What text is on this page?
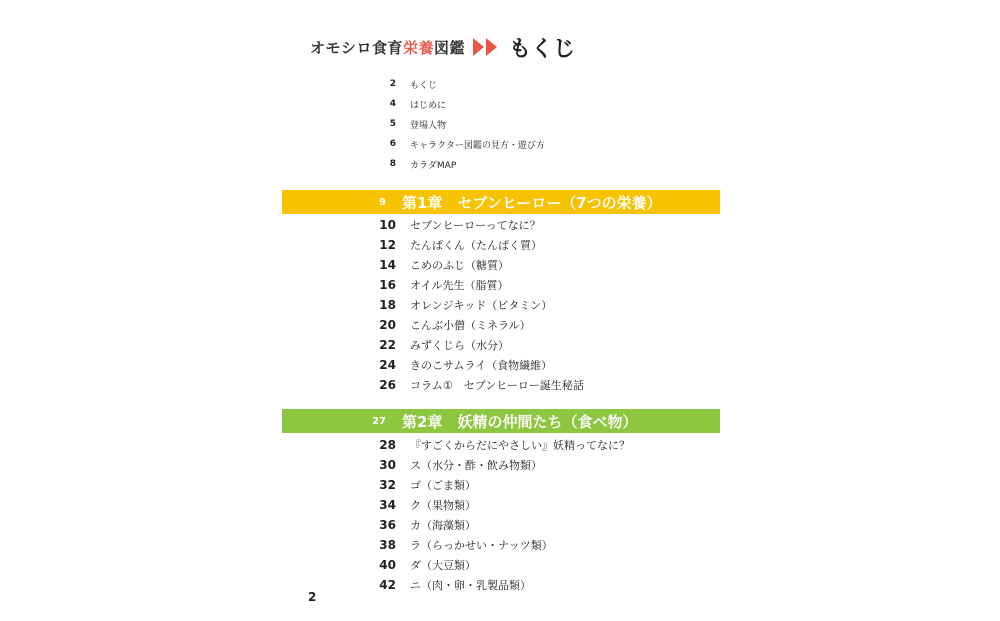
オモシロ食育 栄養 図鑑 もくじ
2 もくじ
4 はじめに
5 登場人物
6 キャラクター図鑑の見方・遊び方
8 カラダMAP
9 第1章　セブンヒーロー（7つの栄養）
10 セブンヒーローってなに？
12 たんぱくん（たんぱく質）
14 こめのふじ（糖質）
16 オイル先生（脂質）
18 オレンジキッド（ビタミン）
20 こんぶ小僧（ミネラル）
22 みずくじら（水分）
24 きのこサムライ（食物繊維）
26 コラム①　セブンヒーロー誕生秘話
27 第2章　妖精の仲間たち（食べ物）
28 『すごくからだにやさしい』妖精ってなに？
30 ス（水分・酢・飲み物類）
32 ゴ（ごま類）
34 ク（果物類）
36 カ（海藻類）
38 ラ（らっかせい・ナッツ類）
40 ダ（大豆類）
42 ニ（肉・卵・乳製品類）
2
